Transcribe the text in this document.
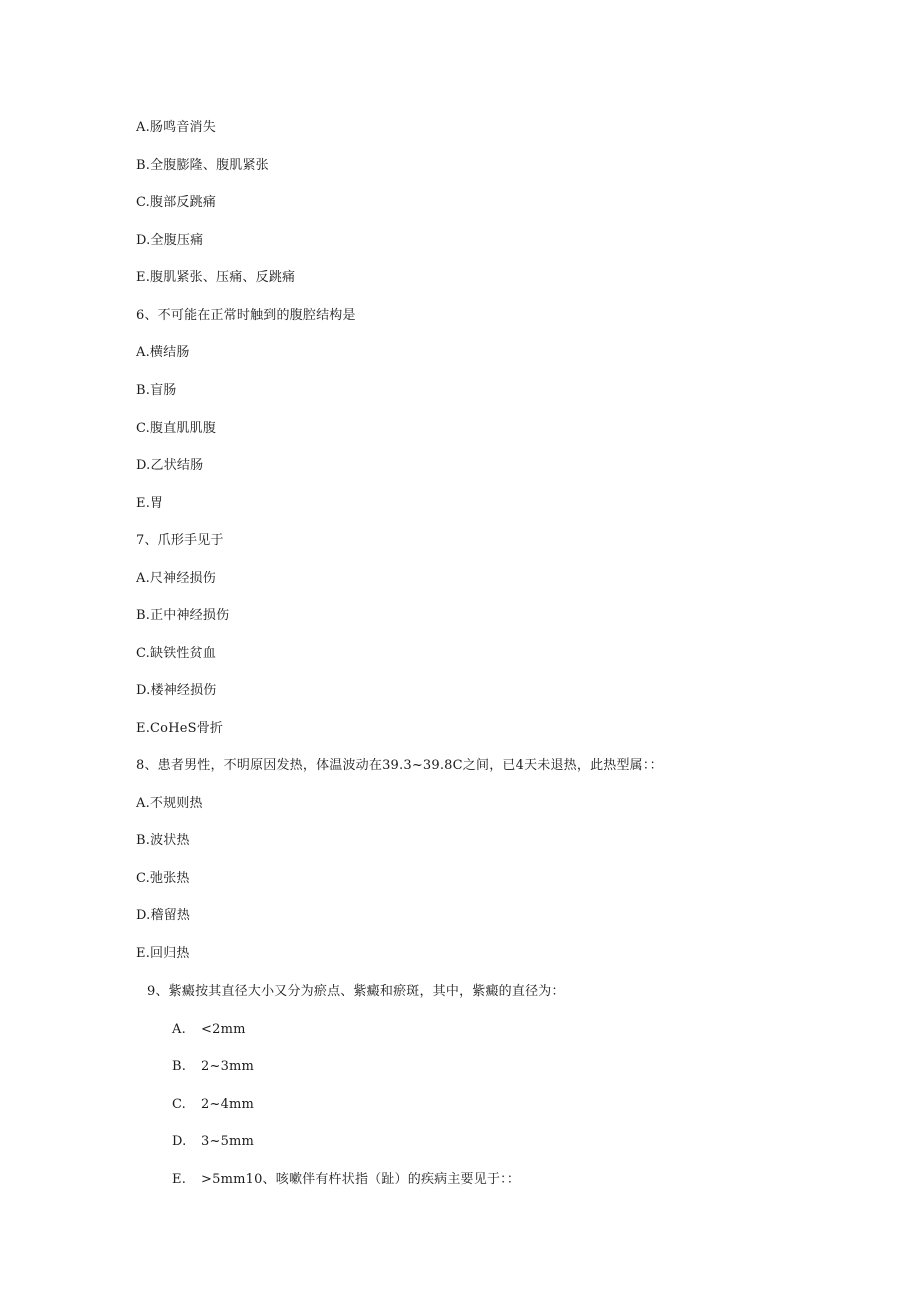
A.肠鸣音消失
B.全腹膨隆、腹肌紧张
C.腹部反跳痛
D.全腹压痛
E.腹肌紧张、压痛、反跳痛
6、不可能在正常时触到的腹腔结构是
A.横结肠
B.盲肠
C.腹直肌肌腹
D.乙状结肠
E.胃
7、爪形手见于
A.尺神经损伤
B.正中神经损伤
C.缺铁性贫血
D.楼神经损伤
E.CoHeS骨折
8、患者男性，不明原因发热，体温波动在39.3~39.8C之间，已4天未退热，此热型属：：
A.不规则热
B.波状热
C.弛张热
D.稽留热
E.回归热
9、紫癜按其直径大小又分为瘀点、紫癜和瘀斑，其中，紫癜的直径为：
A. <2mm
B. 2~3mm
C. 2~4mm
D. 3~5mm
E. >5mm10、咳嗽伴有杵状指（趾）的疾病主要见于：：
